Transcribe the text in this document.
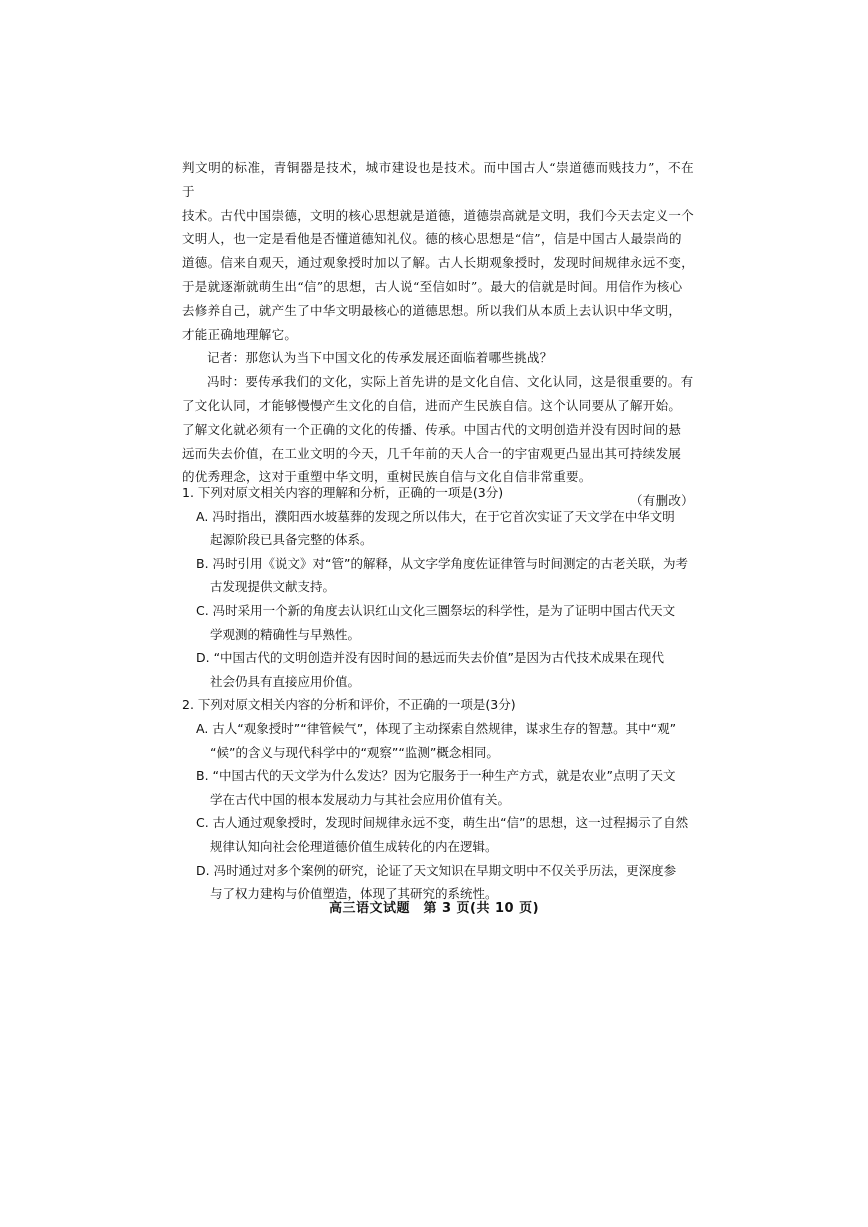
判文明的标准，青铜器是技术，城市建设也是技术。而中国古人“崇道德而贱技力”，不在于

技术。古代中国崇德，文明的核心思想就是道德，道德崇高就是文明，我们今天去定义一个

文明人，也一定是看他是否懂道德知礼仪。德的核心思想是“信”，信是中国古人最崇尚的

道德。信来自观天，通过观象授时加以了解。古人长期观象授时，发现时间规律永远不变，

于是就逐渐就萌生出“信”的思想，古人说“至信如时”。最大的信就是时间。用信作为核心

去修养自己，就产生了中华文明最核心的道德思想。所以我们从本质上去认识中华文明，

才能正确地理解它。

记者：那您认为当下中国文化的传承发展还面临着哪些挑战？

冯时：要传承我们的文化，实际上首先讲的是文化自信、文化认同，这是很重要的。有

了文化认同，才能够慢慢产生文化的自信，进而产生民族自信。这个认同要从了解开始。

了解文化就必须有一个正确的文化的传播、传承。中国古代的文明创造并没有因时间的悬

远而失去价值，在工业文明的今天，几千年前的天人合一的宇宙观更凸显出其可持续发展

的优秀理念，这对于重塑中华文明，重树民族自信与文化自信非常重要。

（有删改）

1. 下列对原文相关内容的理解和分析，正确的一项是(3分)

A. 冯时指出，濮阳西水坡墓葬的发现之所以伟大，在于它首次实证了天文学在中华文明
起源阶段已具备完整的体系。
B. 冯时引用《说文》对“管”的解释，从文字学角度佐证律管与时间测定的古老关联，为考
古发现提供文献支持。
C. 冯时采用一个新的角度去认识红山文化三圜祭坛的科学性，是为了证明中国古代天文
学观测的精确性与早熟性。
D. “中国古代的文明创造并没有因时间的悬远而失去价值”是因为古代技术成果在现代
社会仍具有直接应用价值。

2. 下列对原文相关内容的分析和评价，不正确的一项是(3分)

A. 古人“观象授时”“律管候气”，体现了主动探索自然规律，谋求生存的智慧。其中“观”
“候”的含义与现代科学中的“观察”“监测”概念相同。
B. “中国古代的天文学为什么发达？因为它服务于一种生产方式，就是农业”点明了天文
学在古代中国的根本发展动力与其社会应用价值有关。
C. 古人通过观象授时，发现时间规律永远不变，萌生出“信”的思想，这一过程揭示了自然
规律认知向社会伦理道德价值生成转化的内在逻辑。
D. 冯时通过对多个案例的研究，论证了天文知识在早期文明中不仅关乎历法，更深度参
与了权力建构与价值塑造，体现了其研究的系统性。
高三语文试题　第 3 页(共 10 页)
